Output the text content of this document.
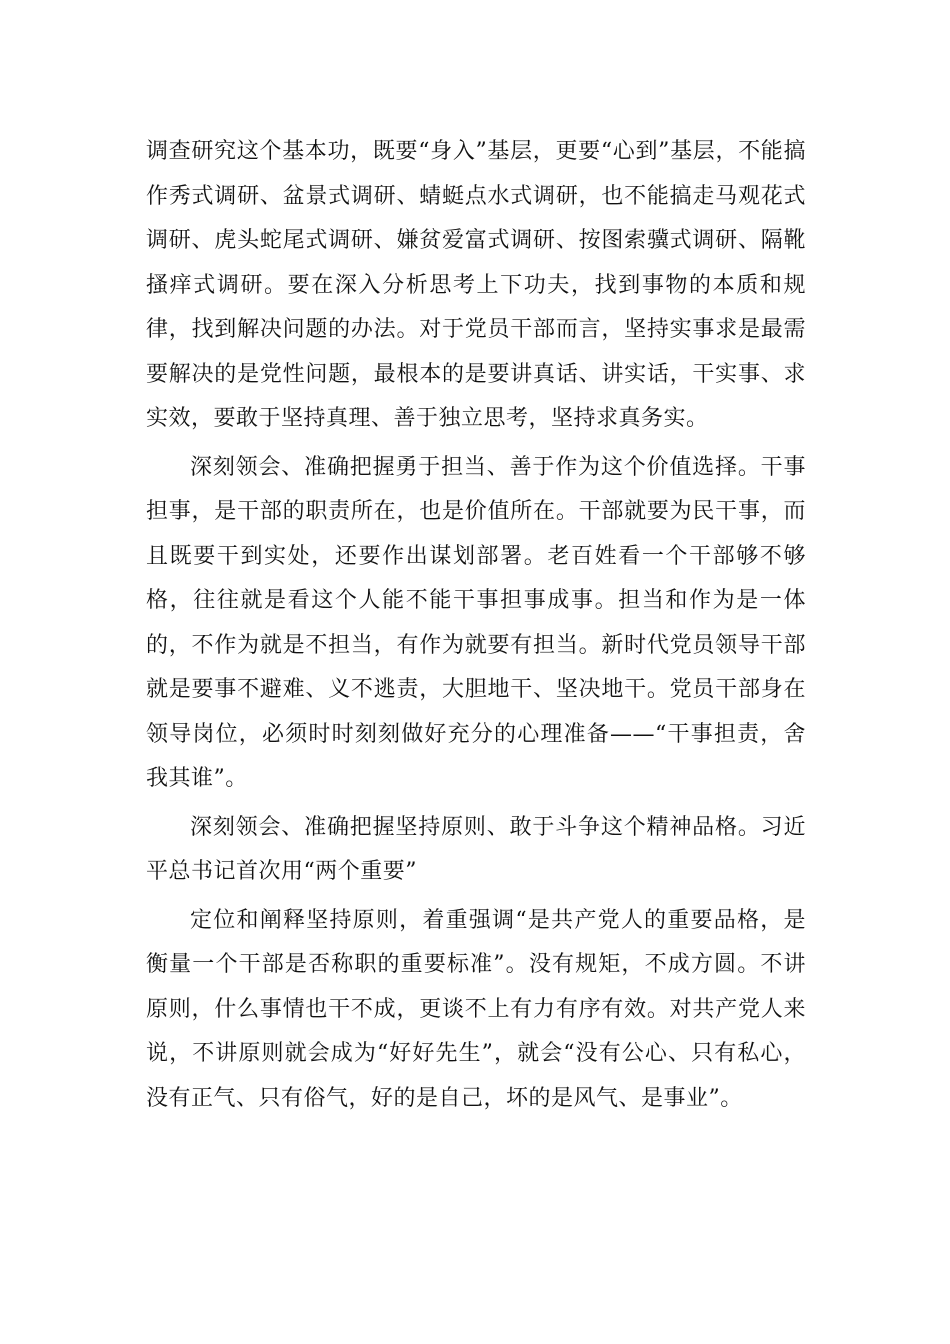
调查研究这个基本功，既要“身入”基层，更要“心到”基层，不能搞作秀式调研、盆景式调研、蜻蜓点水式调研，也不能搞走马观花式调研、虎头蛇尾式调研、嫌贫爱富式调研、按图索骥式调研、隔靴搔痒式调研。要在深入分析思考上下功夫，找到事物的本质和规律，找到解决问题的办法。对于党员干部而言，坚持实事求是最需要解决的是党性问题，最根本的是要讲真话、讲实话，干实事、求实效，要敢于坚持真理、善于独立思考，坚持求真务实。

深刻领会、准确把握勇于担当、善于作为这个价值选择。干事担事，是干部的职责所在，也是价值所在。干部就要为民干事，而且既要干到实处，还要作出谋划部署。老百姓看一个干部够不够格，往往就是看这个人能不能干事担事成事。担当和作为是一体的，不作为就是不担当，有作为就要有担当。新时代党员领导干部就是要事不避难、义不逃责，大胆地干、坚决地干。党员干部身在领导岗位，必须时时刻刻做好充分的心理准备——“干事担责，舍我其谁”。

深刻领会、准确把握坚持原则、敢于斗争这个精神品格。习近平总书记首次用“两个重要”

定位和阐释坚持原则，着重强调“是共产党人的重要品格，是衡量一个干部是否称职的重要标准”。没有规矩，不成方圆。不讲原则，什么事情也干不成，更谈不上有力有序有效。对共产党人来说，不讲原则就会成为“好好先生”，就会“没有公心、只有私心，没有正气、只有俗气，好的是自己，坏的是风气、是事业”。
